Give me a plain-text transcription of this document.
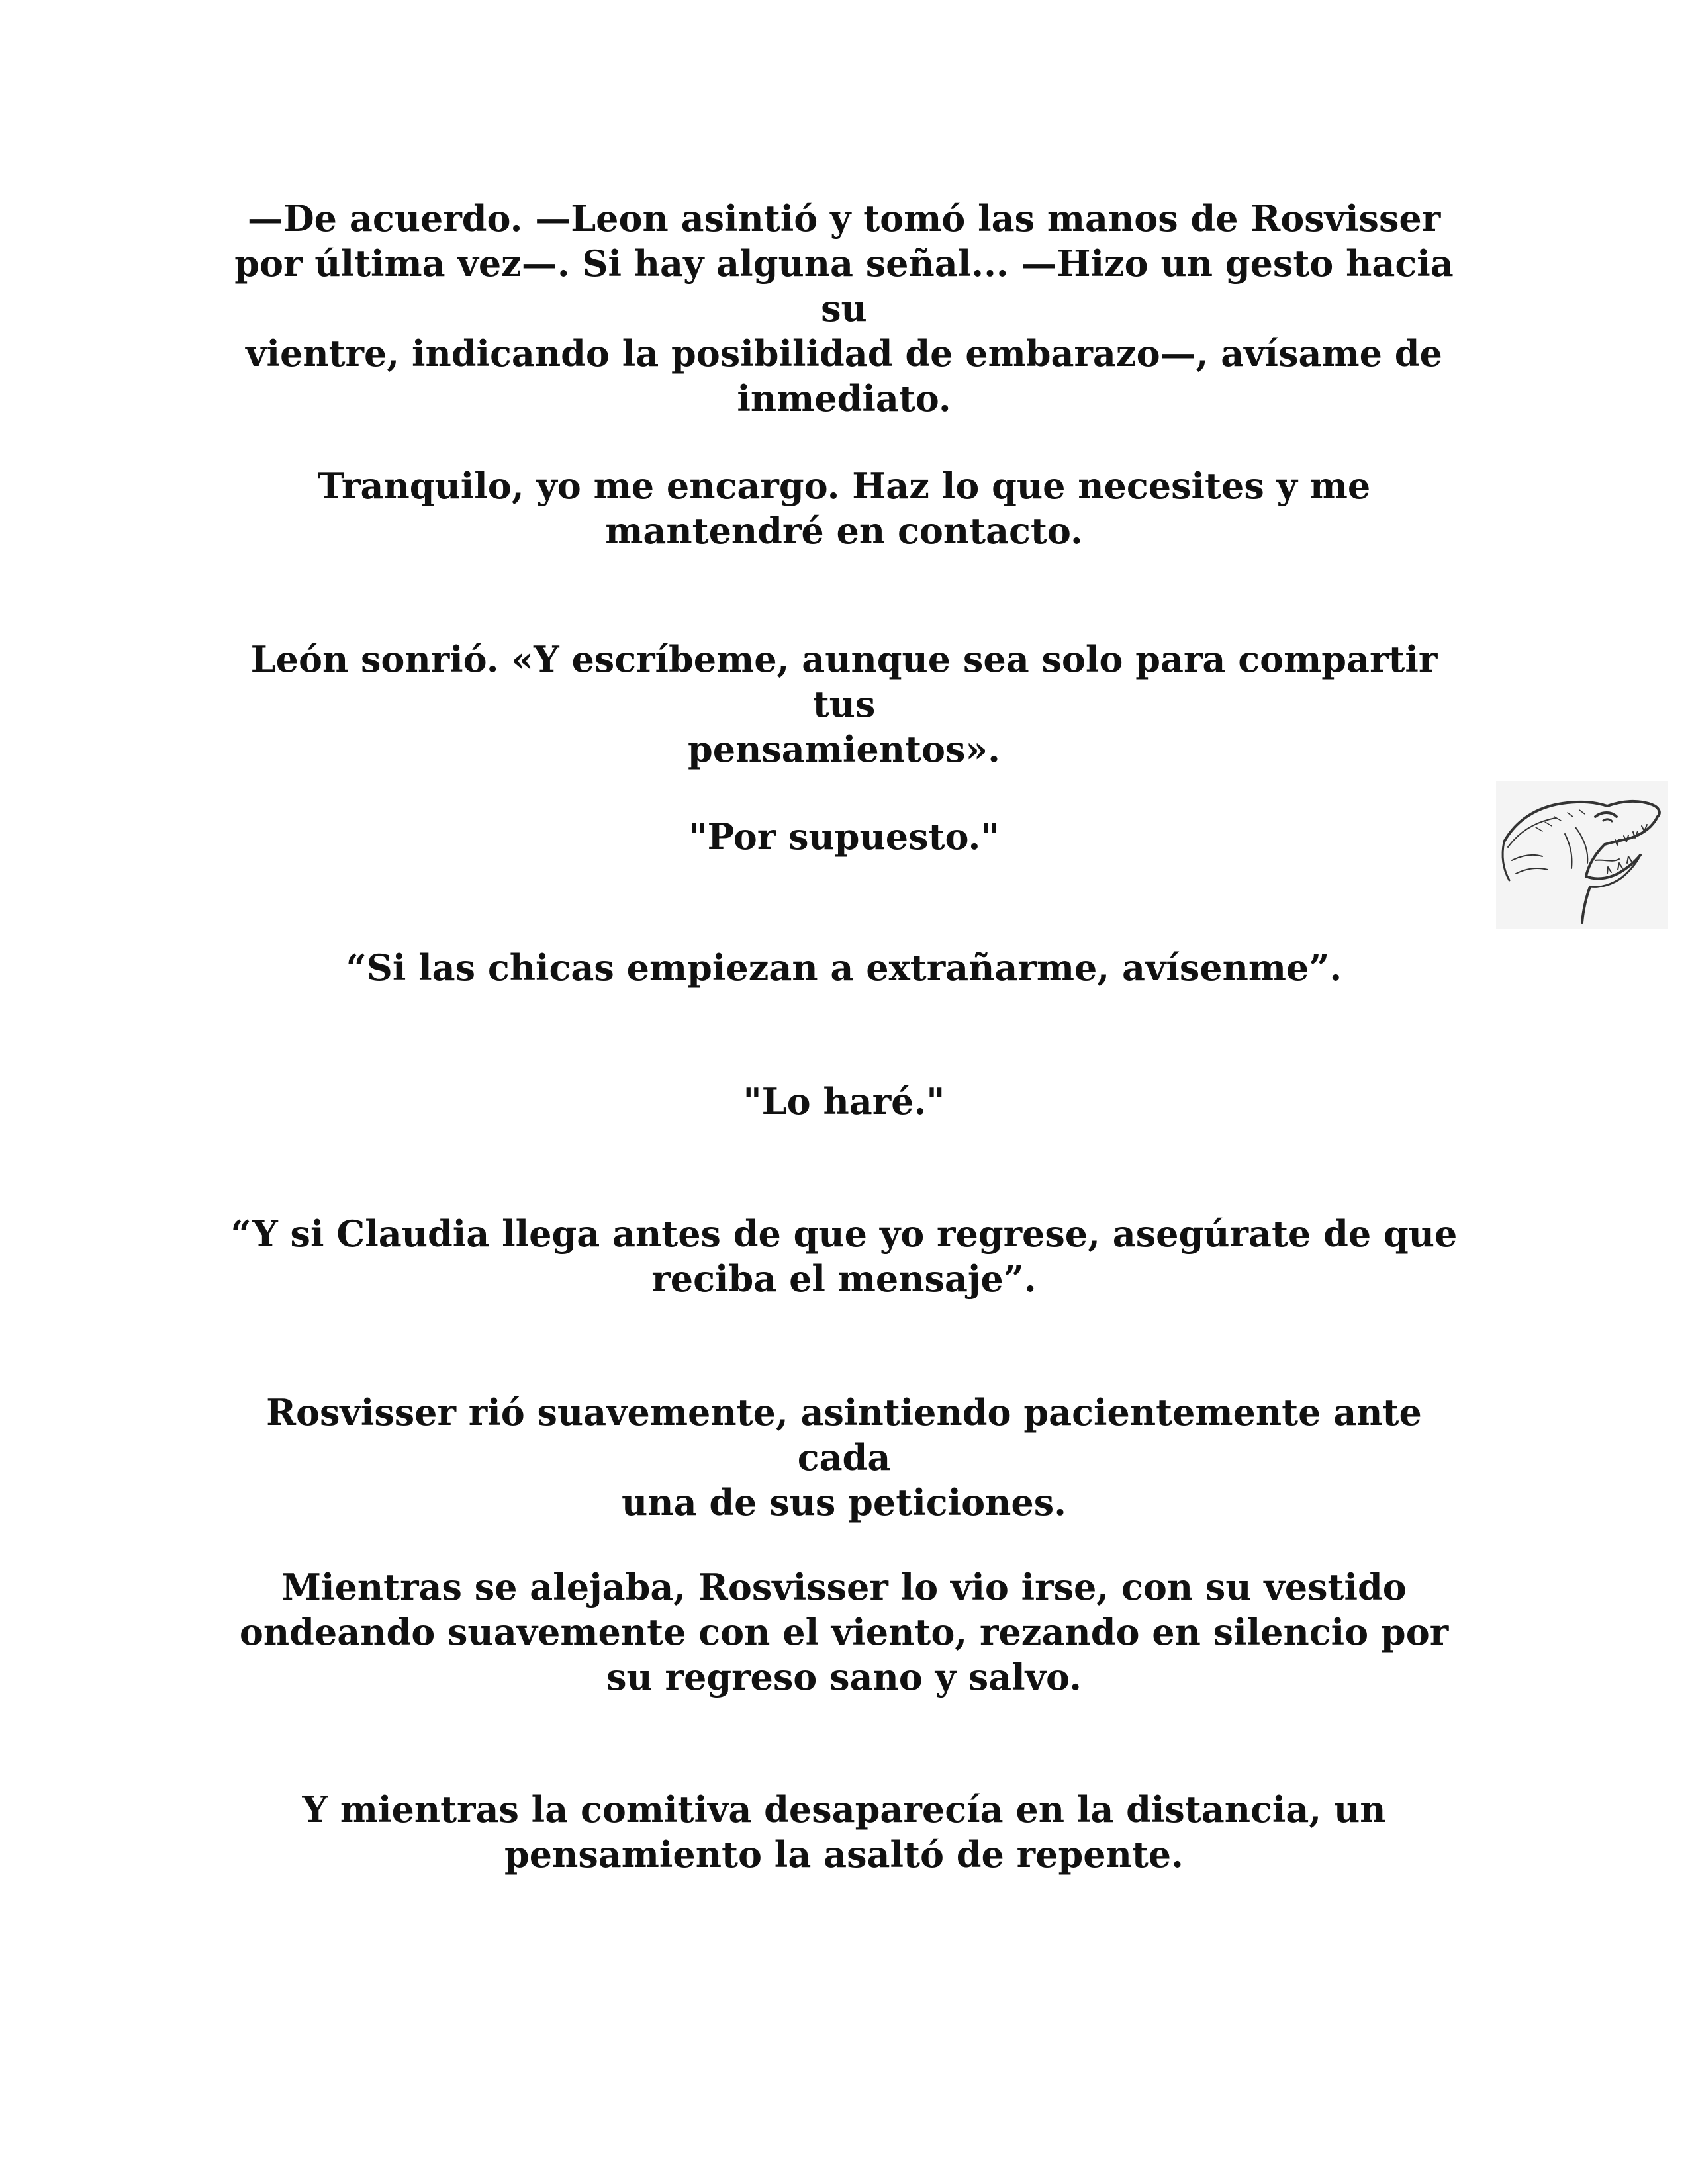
—De acuerdo. —Leon asintió y tomó las manos de Rosvisser
por última vez—. Si hay alguna señal... —Hizo un gesto hacia su
vientre, indicando la posibilidad de embarazo—, avísame de
inmediato.

Tranquilo, yo me encargo. Haz lo que necesites y me
mantendré en contacto.

León sonrió. «Y escríbeme, aunque sea solo para compartir tus
pensamientos».

"Por supuesto."

“Si las chicas empiezan a extrañarme, avísenme”.

"Lo haré."

“Y si Claudia llega antes de que yo regrese, asegúrate de que
reciba el mensaje”.

Rosvisser rió suavemente, asintiendo pacientemente ante cada
una de sus peticiones.

Mientras se alejaba, Rosvisser lo vio irse, con su vestido
ondeando suavemente con el viento, rezando en silencio por
su regreso sano y salvo.

Y mientras la comitiva desaparecía en la distancia, un
pensamiento la asaltó de repente.
